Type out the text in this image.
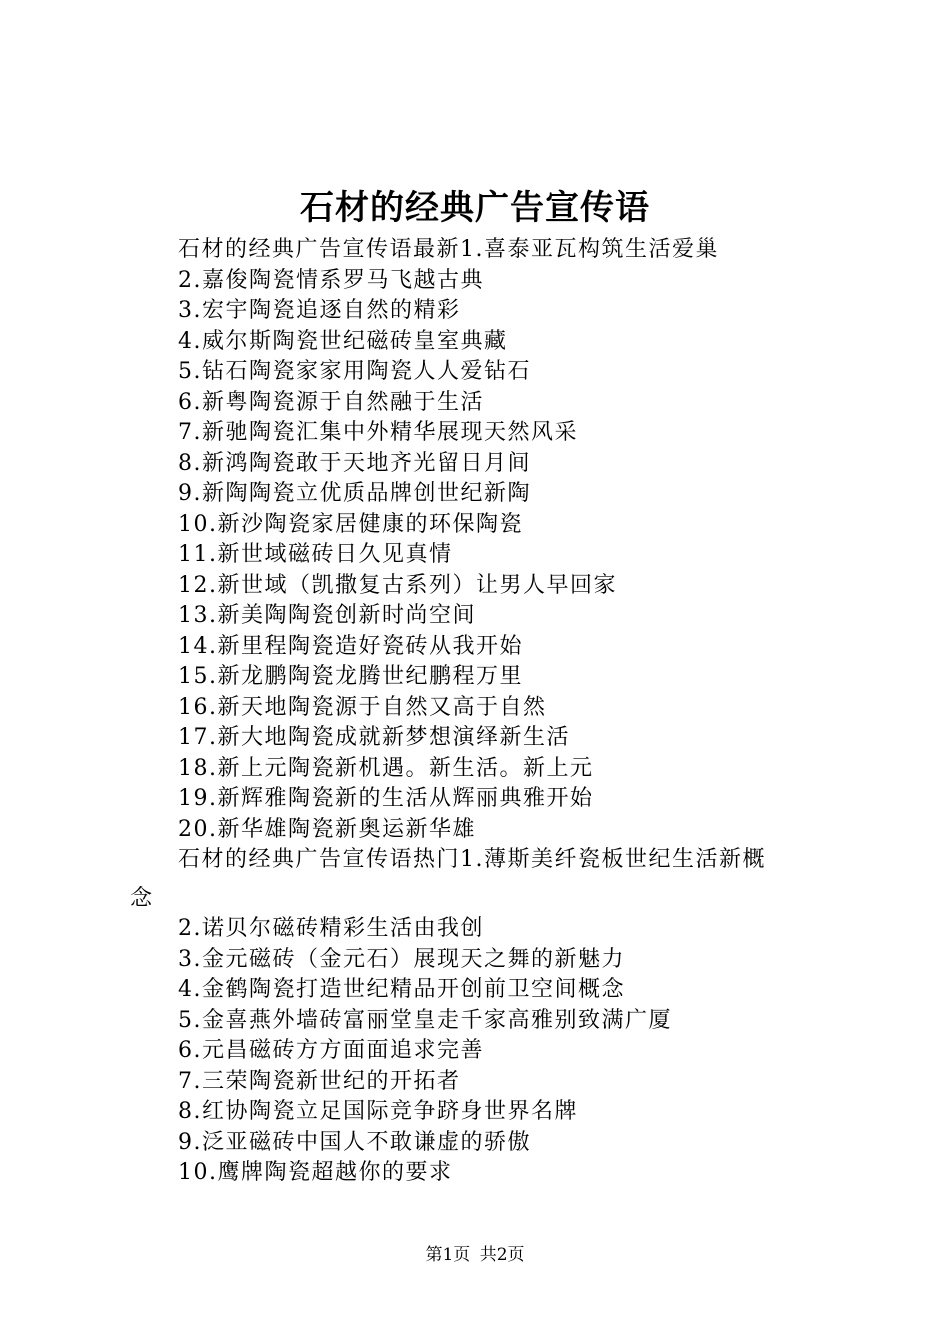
石材的经典广告宣传语

石材的经典广告宣传语最新1.喜泰亚瓦构筑生活爱巢

2.嘉俊陶瓷情系罗马飞越古典

3.宏宇陶瓷追逐自然的精彩

4.威尔斯陶瓷世纪磁砖皇室典藏

5.钻石陶瓷家家用陶瓷人人爱钻石

6.新粤陶瓷源于自然融于生活

7.新驰陶瓷汇集中外精华展现天然风采

8.新鸿陶瓷敢于天地齐光留日月间

9.新陶陶瓷立优质品牌创世纪新陶

10.新沙陶瓷家居健康的环保陶瓷

11.新世域磁砖日久见真情

12.新世域（凯撒复古系列）让男人早回家

13.新美陶陶瓷创新时尚空间

14.新里程陶瓷造好瓷砖从我开始

15.新龙鹏陶瓷龙腾世纪鹏程万里

16.新天地陶瓷源于自然又高于自然

17.新大地陶瓷成就新梦想演绎新生活

18.新上元陶瓷新机遇。新生活。新上元

19.新辉雅陶瓷新的生活从辉丽典雅开始

20.新华雄陶瓷新奥运新华雄

石材的经典广告宣传语热门1.薄斯美纤瓷板世纪生活新概
念

2.诺贝尔磁砖精彩生活由我创

3.金元磁砖（金元石）展现天之舞的新魅力

4.金鹤陶瓷打造世纪精品开创前卫空间概念

5.金喜燕外墙砖富丽堂皇走千家高雅别致满广厦

6.元昌磁砖方方面面追求完善

7.三荣陶瓷新世纪的开拓者

8.红协陶瓷立足国际竞争跻身世界名牌

9.泛亚磁砖中国人不敢谦虚的骄傲

10.鹰牌陶瓷超越你的要求

第1页 共2页
